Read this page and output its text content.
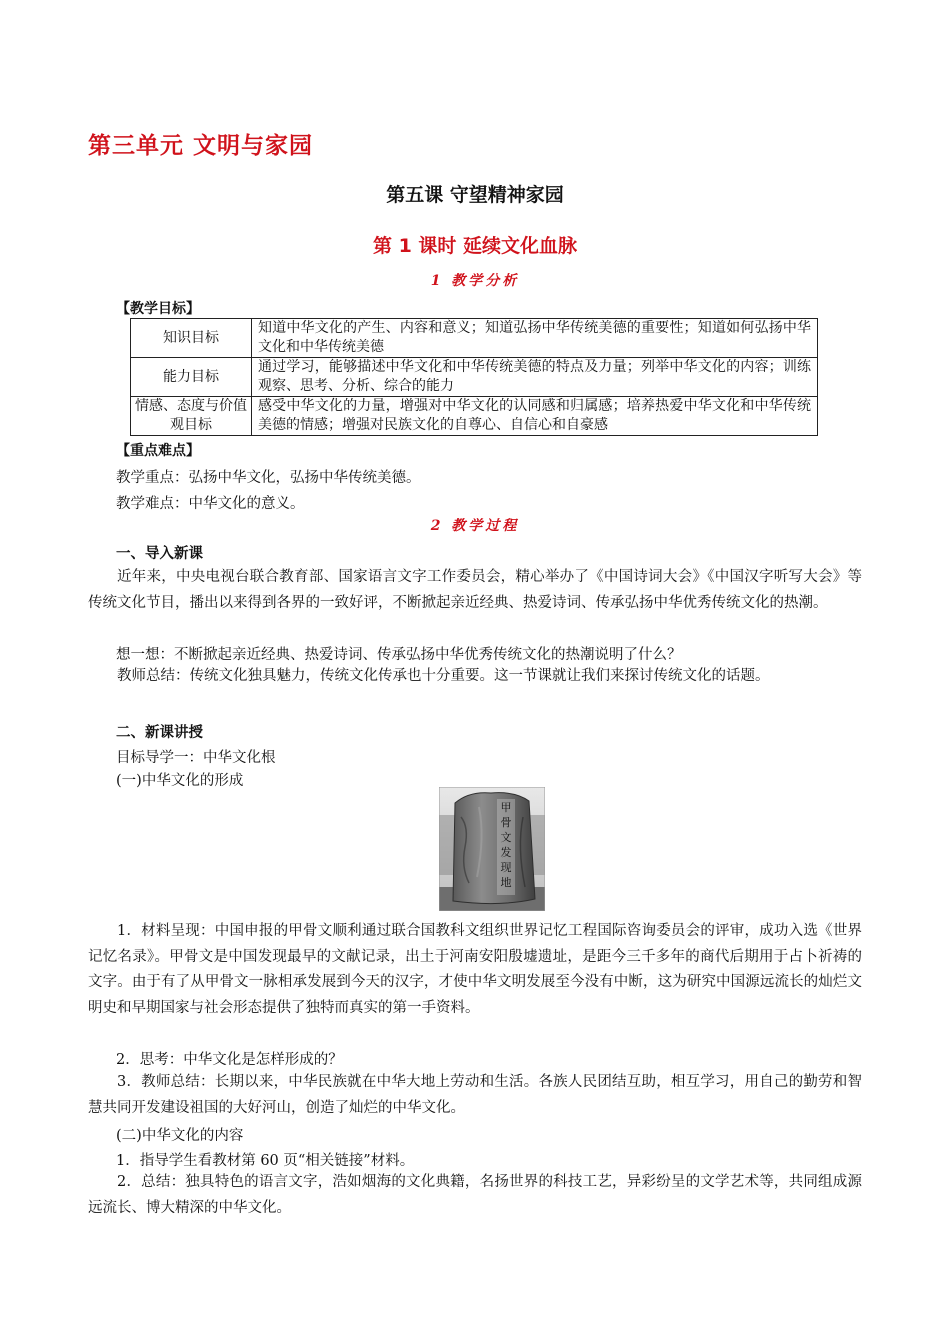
第三单元 文明与家园
第五课 守望精神家园
第 1 课时 延续文化血脉
1 教学分析
【教学目标】
知识目标	知道中华文化的产生、内容和意义；知道弘扬中华传统美德的重要性；知道如何弘扬中华文化和中华传统美德
能力目标	通过学习，能够描述中华文化和中华传统美德的特点及力量；列举中华文化的内容；训练观察、思考、分析、综合的能力
情感、态度与价值观目标	感受中华文化的力量，增强对中华文化的认同感和归属感；培养热爱中华文化和中华传统美德的情感；增强对民族文化的自尊心、自信心和自豪感
【重点难点】
教学重点：弘扬中华文化，弘扬中华传统美德。
教学难点：中华文化的意义。
2 教学过程
一、导入新课
近年来，中央电视台联合教育部、国家语言文字工作委员会，精心举办了《中国诗词大会》《中国汉字听写大会》等传统文化节目，播出以来得到各界的一致好评，不断掀起亲近经典、热爱诗词、传承弘扬中华优秀传统文化的热潮。
想一想：不断掀起亲近经典、热爱诗词、传承弘扬中华优秀传统文化的热潮说明了什么？
教师总结：传统文化独具魅力，传统文化传承也十分重要。这一节课就让我们来探讨传统文化的话题。
二、新课讲授
目标导学一：中华文化根
(一)中华文化的形成
甲
骨
文
发
现
地
1．材料呈现：中国申报的甲骨文顺利通过联合国教科文组织世界记忆工程国际咨询委员会的评审，成功入选《世界记忆名录》。甲骨文是中国发现最早的文献记录，出土于河南安阳殷墟遗址，是距今三千多年的商代后期用于占卜祈祷的文字。由于有了从甲骨文一脉相承发展到今天的汉字，才使中华文明发展至今没有中断，这为研究中国源远流长的灿烂文明史和早期国家与社会形态提供了独特而真实的第一手资料。
2．思考：中华文化是怎样形成的？
3．教师总结：长期以来，中华民族就在中华大地上劳动和生活。各族人民团结互助，相互学习，用自己的勤劳和智慧共同开发建设祖国的大好河山，创造了灿烂的中华文化。
(二)中华文化的内容
1．指导学生看教材第 60 页“相关链接”材料。
2．总结：独具特色的语言文字，浩如烟海的文化典籍，名扬世界的科技工艺，异彩纷呈的文学艺术等，共同组成源远流长、博大精深的中华文化。
